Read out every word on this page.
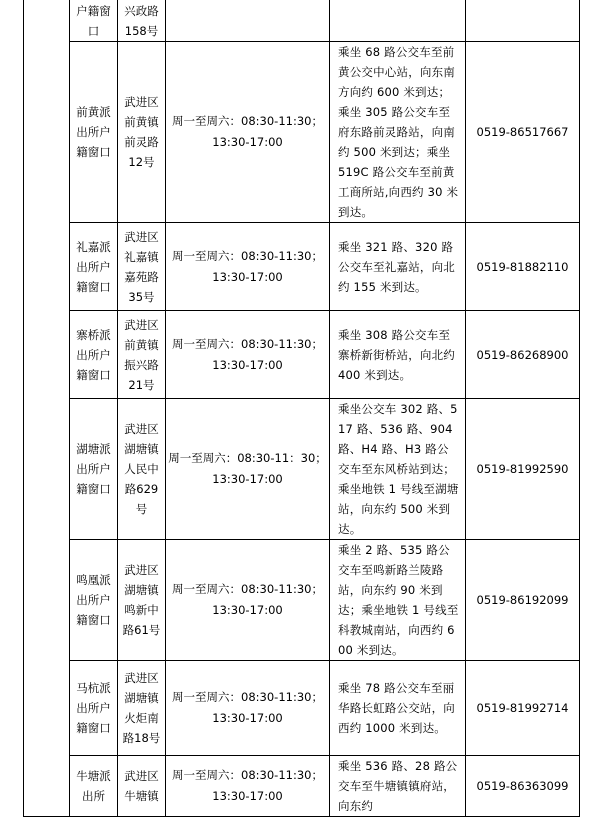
	户籍窗口	兴政路158号	

	前黄派出所户籍窗口	武进区前黄镇前灵路12号	周一至周六：08:30-11:30；
13:30-17:00	乘坐 68 路公交车至前黄公交中心站，向东南方向约 600 米到达；乘坐 305 路公交车至府东路前灵路站，向南约 500 米到达；乘坐 519C 路公交车至前黄工商所站,向西约 30 米到达。	0519-86517667
	礼嘉派出所户籍窗口	武进区礼嘉镇嘉苑路35号	周一至周六：08:30-11:30；
13:30-17:00	乘坐 321 路、320 路公交车至礼嘉站，向北约 155 米到达。	0519-81882110
	寨桥派出所户籍窗口	武进区前黄镇振兴路21号	周一至周六：08:30-11:30；
13:30-17:00	乘坐 308 路公交车至寨桥新街桥站，向北约 400 米到达。	0519-86268900
	湖塘派出所户籍窗口	武进区湖塘镇人民中路629号	周一至周六：08:30-11：30；
13:30-17:00	乘坐公交车 302 路、517 路、536 路、904 路、H4 路、H3 路公交车至东风桥站到达；乘坐地铁 1 号线至湖塘站，向东约 500 米到达。	0519-81992590
	鸣凰派出所户籍窗口	武进区湖塘镇鸣新中路61号	周一至周六：08:30-11:30；
13:30-17:00	乘坐 2 路、535 路公交车至鸣新路兰陵路站，向东约 90 米到达；乘坐地铁 1 号线至科教城南站，向西约 600 米到达。	0519-86192099
	马杭派出所户籍窗口	武进区湖塘镇火炬南路18号	周一至周六：08:30-11:30；
13:30-17:00	乘坐 78 路公交车至丽华路长虹路公交站，向西约 1000 米到达。	0519-81992714
	牛塘派出所	武进区牛塘镇	周一至周六：08:30-11:30；
13:30-17:00	乘坐 536 路、28 路公交车至牛塘镇镇府站，向东约	0519-86363099
